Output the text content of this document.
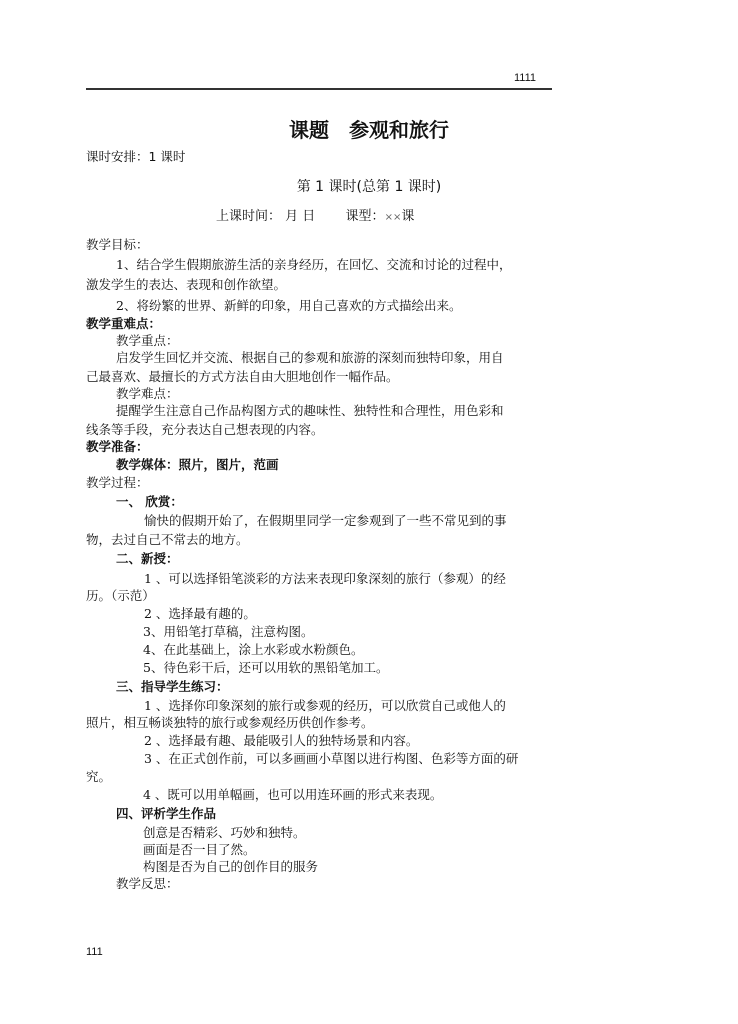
1111
课题　参观和旅行
课时安排：1 课时
第 1 课时(总第 1 课时)
上课时间： 月 日 课型：××课
教学目标：
1、结合学生假期旅游生活的亲身经历，在回忆、交流和讨论的过程中，
激发学生的表达、表现和创作欲望。
2、将纷繁的世界、新鲜的印象，用自己喜欢的方式描绘出来。
教学重难点：
教学重点：
启发学生回忆并交流、根据自己的参观和旅游的深刻而独特印象，用自
己最喜欢、最擅长的方式方法自由大胆地创作一幅作品。
教学难点：
提醒学生注意自己作品构图方式的趣味性、独特性和合理性，用色彩和
线条等手段，充分表达自己想表现的内容。
教学准备：
教学媒体：照片，图片，范画
教学过程：
一、 欣赏：
愉快的假期开始了，在假期里同学一定参观到了一些不常见到的事
物，去过自己不常去的地方。
二、新授：
1 、可以选择铅笔淡彩的方法来表现印象深刻的旅行（参观）的经
历。（示范）
2 、选择最有趣的。
3、用铅笔打草稿，注意构图。
4、在此基础上，涂上水彩或水粉颜色。
5、待色彩干后，还可以用软的黑铅笔加工。
三、指导学生练习：
1 、选择你印象深刻的旅行或参观的经历，可以欣赏自己或他人的
照片，相互畅谈独特的旅行或参观经历供创作参考。
2 、选择最有趣、最能吸引人的独特场景和内容。
3 、在正式创作前，可以多画画小草图以进行构图、色彩等方面的研
究。
4 、既可以用单幅画，也可以用连环画的形式来表现。
四、评析学生作品
创意是否精彩、巧妙和独特。
画面是否一目了然。
构图是否为自己的创作目的服务
教学反思：
111
